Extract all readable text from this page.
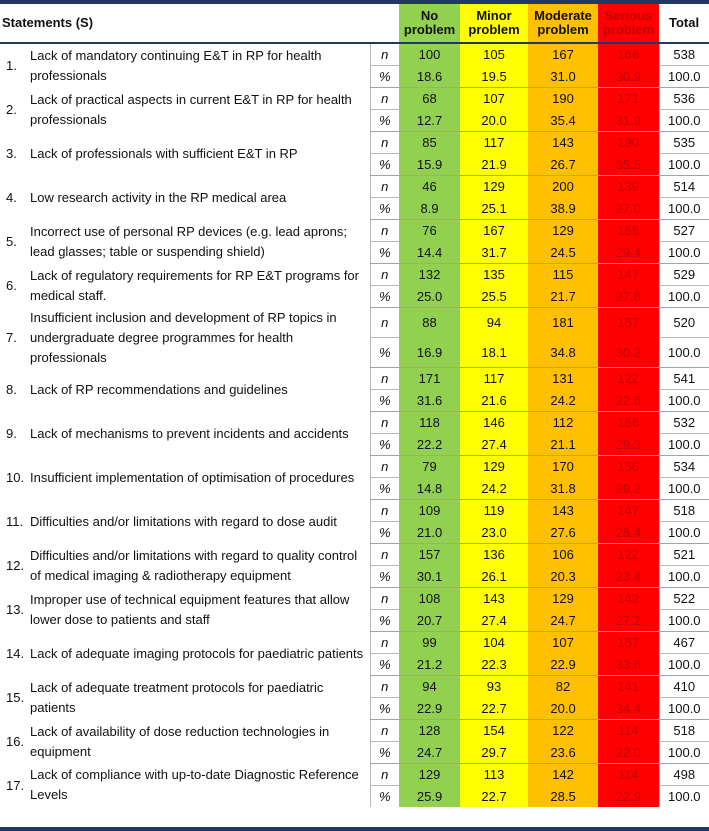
Statements (S)			No
problem	Minor
problem	Moderate
problem	Serious
problem	Total
1.	Lack of mandatory continuing E&T in RP for health professionals	n	100	105	167	166	538
		%	18.6	19.5	31.0	30.9	100.0
2.	Lack of practical aspects in current E&T in RP for health professionals	n	68	107	190	171	536
		%	12.7	20.0	35.4	31.9	100.0
3.	Lack of professionals with sufficient E&T in RP	n	85	117	143	190	535
		%	15.9	21.9	26.7	35.5	100.0
4.	Low research activity in the RP medical area	n	46	129	200	139	514
		%	8.9	25.1	38.9	27.0	100.0
5.	Incorrect use of personal RP devices (e.g. lead aprons; lead glasses; table or suspending shield)	n	76	167	129	155	527
		%	14.4	31.7	24.5	29.4	100.0
6.	Lack of regulatory requirements for RP E&T programs for medical staff.	n	132	135	115	147	529
		%	25.0	25.5	21.7	27.8	100.0
7.	Insufficient inclusion and development of RP topics in undergraduate degree programmes for health professionals	n	88	94	181	157	520
		%	16.9	18.1	34.8	30.2	100.0
8.	Lack of RP recommendations and guidelines	n	171	117	131	122	541
		%	31.6	21.6	24.2	22.6	100.0
9.	Lack of mechanisms to prevent incidents and accidents	n	118	146	112	156	532
		%	22.2	27.4	21.1	29.3	100.0
10.	Insufficient implementation of optimisation of procedures	n	79	129	170	156	534
		%	14.8	24.2	31.8	29.2	100.0
11.	Difficulties and/or limitations with regard to dose audit	n	109	119	143	147	518
		%	21.0	23.0	27.6	28.4	100.0
12.	Difficulties and/or limitations with regard to quality control of medical imaging & radiotherapy equipment	n	157	136	106	122	521
		%	30.1	26.1	20.3	23.4	100.0
13.	Improper use of technical equipment features that allow lower dose to patients and staff	n	108	143	129	142	522
		%	20.7	27.4	24.7	27.2	100.0
14.	Lack of adequate imaging protocols for paediatric patients	n	99	104	107	157	467
		%	21.2	22.3	22.9	33.6	100.0
15.	Lack of adequate treatment protocols for paediatric patients	n	94	93	82	141	410
		%	22.9	22.7	20.0	34.4	100.0
16.	Lack of availability of dose reduction technologies in equipment	n	128	154	122	114	518
		%	24.7	29.7	23.6	22.0	100.0
17.	Lack of compliance with up-to-date Diagnostic Reference Levels	n	129	113	142	114	498
		%	25.9	22.7	28.5	22.9	100.0
